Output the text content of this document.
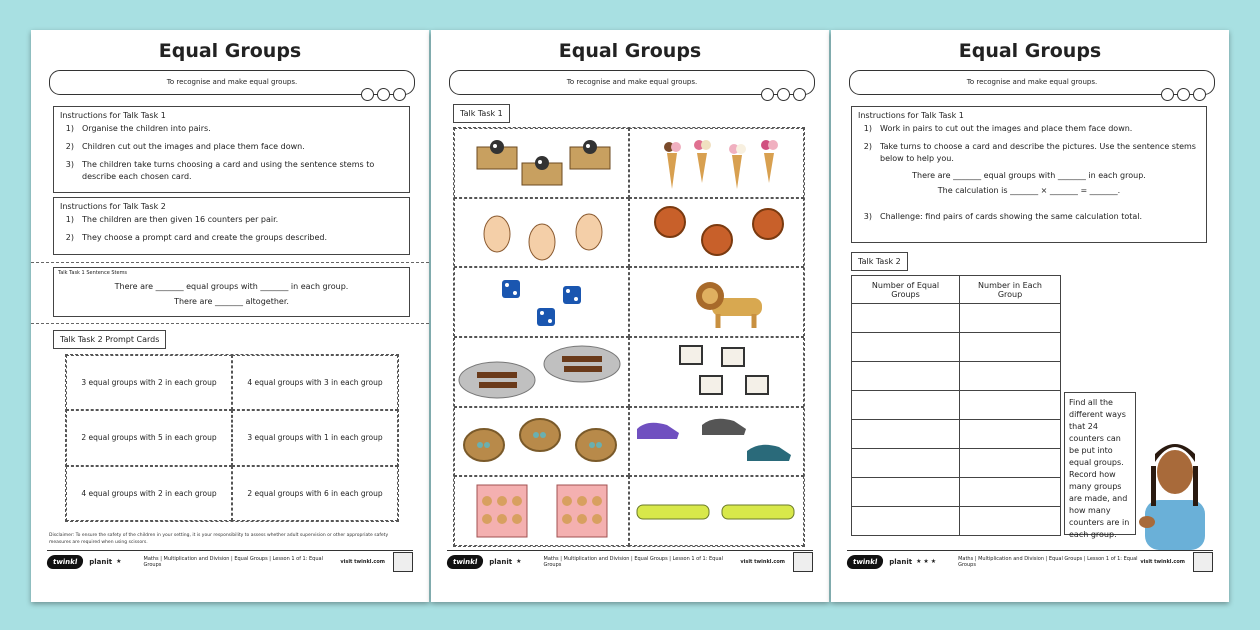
Equal Groups
To recognise and make equal groups.
Instructions for Talk Task 1
1)	Organise the children into pairs.
2)	Children cut out the images and place them face down.
3)	The children take turns choosing a card and using the sentence stems to describe each chosen card.
Instructions for Talk Task 2
1)	The children are then given 16 counters per pair.
2)	They choose a prompt card and create the groups described.
Talk Task 1 Sentence Stems
There are _______ equal groups with _______ in each group.
There are _______ altogether.
Talk Task 2 Prompt Cards
3 equal groups with 2 in each group	4 equal groups with 3 in each group
2 equal groups with 5 in each group	3 equal groups with 1 in each group
4 equal groups with 2 in each group	2 equal groups with 6 in each group
Disclaimer: To ensure the safety of the children in your setting, it is your responsibility to assess whether adult supervision or other appropriate safety measures are required when using scissors.
twinkl	planit ★	Maths | Multiplication and Division | Equal Groups | Lesson 1 of 1: Equal Groups	visit twinkl.com
Equal Groups
To recognise and make equal groups.
Talk Task 1
twinkl	planit ★	Maths | Multiplication and Division | Equal Groups | Lesson 1 of 1: Equal Groups	visit twinkl.com
Equal Groups
To recognise and make equal groups.
Instructions for Talk Task 1
1)	Work in pairs to cut out the images and place them face down.
2)	Take turns to choose a card and describe the pictures. Use the sentence stems below to help you.
There are _______ equal groups with _______ in each group.
The calculation is _______ × _______ = _______.
3)	Challenge: find pairs of cards showing the same calculation total.
Talk Task 2
Number of Equal Groups	Number in Each Group

Find all the different ways that 24 counters can be put into equal groups. Record how many groups are made, and how many counters are in each group.
twinkl	planit ★ ★ ★	Maths | Multiplication and Division | Equal Groups | Lesson 1 of 1: Equal Groups	visit twinkl.com
